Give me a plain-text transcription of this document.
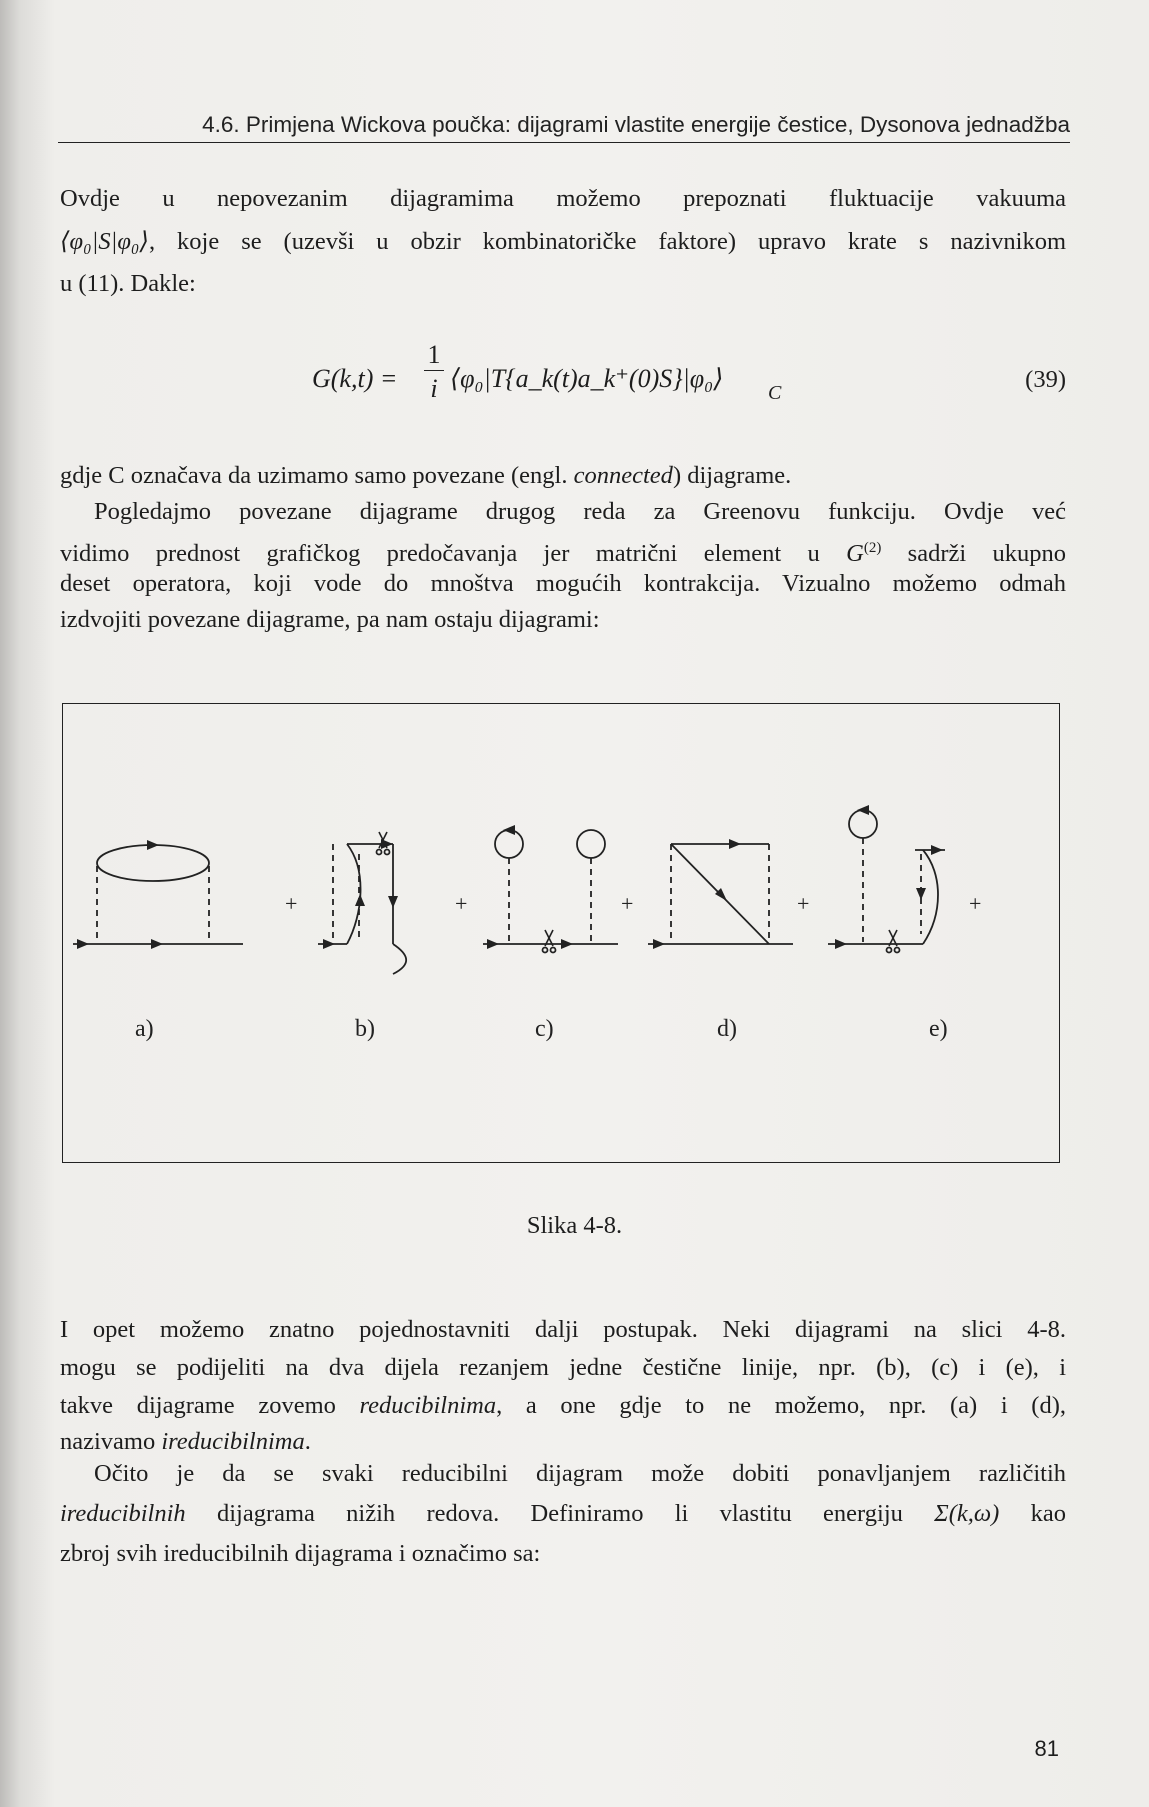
4.6. Primjena Wickova poučka: dijagrami vlastite energije čestice, Dysonova jednadžba
Ovdje u nepovezanim dijagramima možemo prepoznati fluktuacije vakuuma
⟨φ₀|S|φ₀⟩, koje se (uzevši u obzir kombinatoričke faktore) upravo krate s nazivnikom
u (11). Dakle:
G(k,t) =
1
i ⟨φ₀|T{a_k(t)a_k⁺(0)S}|φ₀⟩ C	(39)
gdje C označava da uzimamo samo povezane (engl. connected) dijagrame.
Pogledajmo povezane dijagrame drugog reda za Greenovu funkciju. Ovdje već
vidimo prednost grafičkog predočavanja jer matrični element u $G^{(2)}$ sadrži ukupno
deset operatora, koji vode do mnoštva mogućih kontrakcija. Vizualno možemo odmah
izdvojiti povezane dijagrame, pa nam ostaju dijagrami:
+	+	+	+	+
a)	b)	c)	d)	e)
Slika 4-8.
I opet možemo znatno pojednostavniti dalji postupak. Neki dijagrami na slici 4-8.
mogu se podijeliti na dva dijela rezanjem jedne čestične linije, npr. (b), (c) i (e), i
takve dijagrame zovemo reducibilnima, a one gdje to ne možemo, npr. (a) i (d),
nazivamo ireducibilnima.
Očito je da se svaki reducibilni dijagram može dobiti ponavljanjem različitih
ireducibilnih dijagrama nižih redova. Definiramo li vlastitu energiju Σ(k,ω) kao
zbroj svih ireducibilnih dijagrama i označimo sa:
81
